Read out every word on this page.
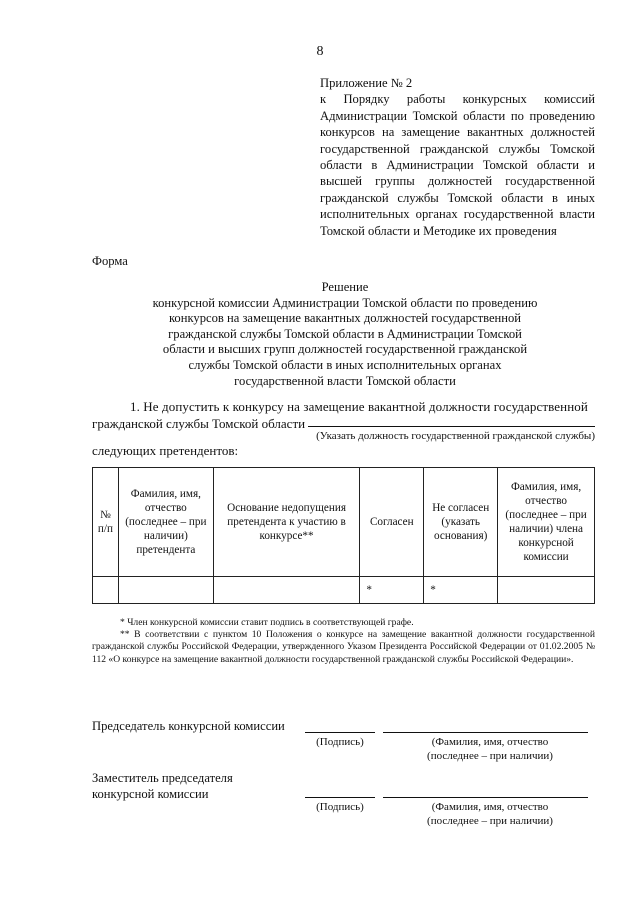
8
Приложение № 2
к Порядку работы конкурсных комиссий Администрации Томской области по проведению конкурсов на замещение вакантных должностей государственной гражданской службы Томской области в Администрации Томской области и высшей группы должностей государственной гражданской службы Томской области в иных исполнительных органах государственной власти Томской области и Методике их проведения
Форма
Решение
конкурсной комиссии Администрации Томской области по проведению
конкурсов на замещение вакантных должностей государственной
гражданской службы Томской области в Администрации Томской
области и высших групп должностей государственной гражданской
службы Томской области в иных исполнительных органах
государственной власти Томской области
1. Не допустить к конкурсу на замещение вакантной должности государственной
гражданской службы Томской области
(Указать должность государственной гражданской службы)
следующих претендентов:
№ п/п	Фамилия, имя, отчество (последнее – при наличии) претендента	Основание недопущения претендента к участию в конкурсе**	Согласен	Не согласен (указать основания)	Фамилия, имя, отчество (последнее – при наличии) члена конкурсной комиссии
			*	*	
* Член конкурсной комиссии ставит подпись в соответствующей графе.
** В соответствии с пунктом 10 Положения о конкурсе на замещение вакантной должности государственной гражданской службы Российской Федерации, утвержденного Указом Президента Российской Федерации от 01.02.2005 № 112 «О конкурсе на замещение вакантной должности государственной гражданской службы Российской Федерации».
Председатель конкурсной комиссии
(Подпись)	(Фамилия, имя, отчество
(последнее – при наличии)
Заместитель председателя
конкурсной комиссии
(Подпись)	(Фамилия, имя, отчество
(последнее – при наличии)
